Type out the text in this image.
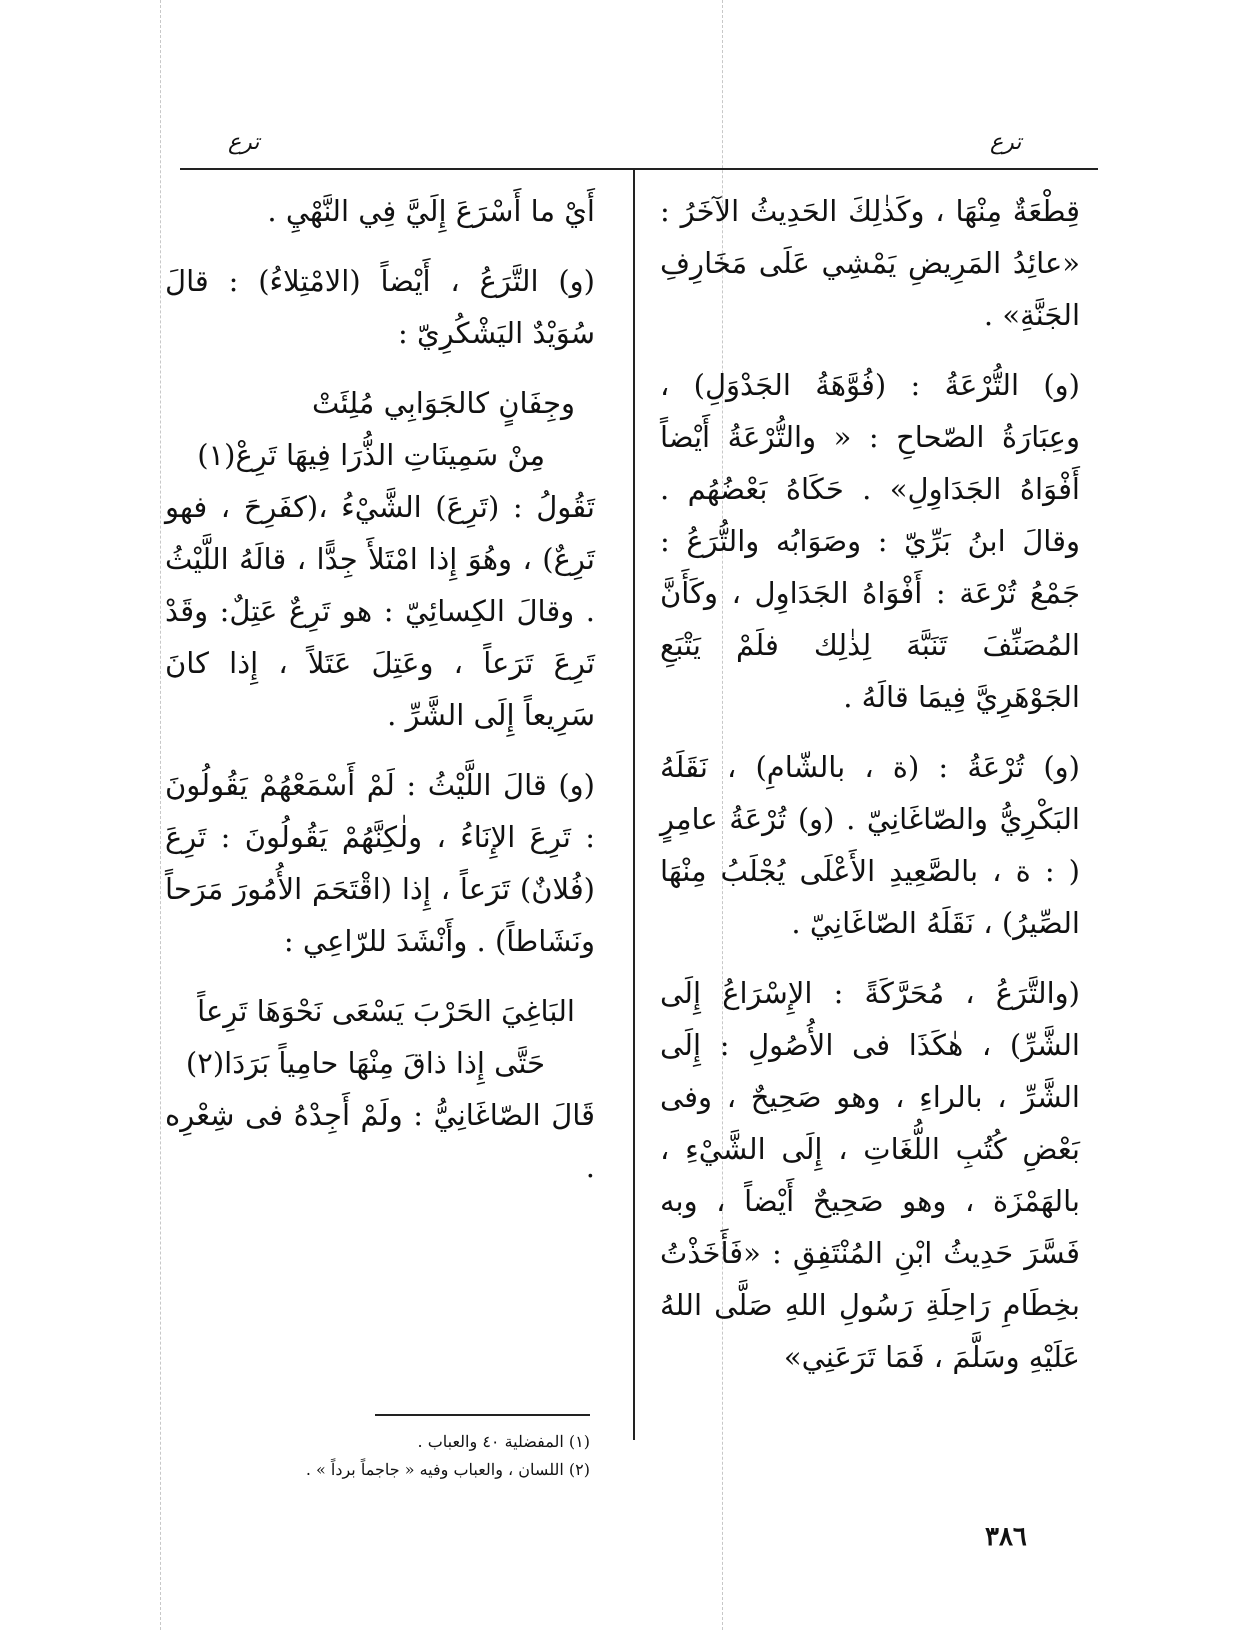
ترع	ترع

قِطْعَةٌ مِنْهَا ، وكَذٰلِكَ الحَدِيثُ الآخَرُ : «عائِدُ المَرِيضِ يَمْشِي عَلَى مَخَارِفِ الجَنَّةِ» .

(و) التُّرْعَةُ : (فُوَّهَةُ الجَدْوَلِ) ، وعِبَارَةُ الصّحاحِ : « والتُّرْعَةُ أَيْضاً أَفْوَاهُ الجَدَاوِلِ» . حَكَاهُ بَعْضُهُم . وقالَ ابنُ بَرِّيّ : وصَوَابُه والتُّرَعُ : جَمْعُ تُرْعَة : أَفْوَاهُ الجَدَاوِل ، وكَأَنَّ المُصَنِّفَ تَنَبَّهَ لِذٰلِك فلَمْ يَتْبَعِ الجَوْهَرِيَّ فِيمَا قالَهُ .

(و) تُرْعَةُ : (ة ، بالشّامِ) ، نَقَلَهُ البَكْرِيُّ والصّاغَانِيّ . (و) تُرْعَةُ عامِرٍ ( : ة ، بالصَّعِيدِ الأَعْلَى يُجْلَبُ مِنْهَا الصِّيرُ) ، نَقَلَهُ الصّاغَانِيّ .

(والتَّرَعُ ، مُحَرَّكَةً : الإِسْرَاعُ إِلَى الشَّرِّ) ، هٰكَذَا فى الأُصُولِ : إِلَى الشَّرِّ ، بالراءِ ، وهو صَحِيحٌ ، وفى بَعْضِ كُتُبِ اللُّغَاتِ ، إِلَى الشَّيْءِ ، بالهَمْزَة ، وهو صَحِيحٌ أَيْضاً ، وبه فَسَّرَ حَدِيثُ ابْنِ المُنْتَفِقِ : «فَأَخَذْتُ بخِطَامِ رَاحِلَةِ رَسُولِ اللهِ صَلَّى اللهُ عَلَيْهِ وسَلَّمَ ، فَمَا تَرَعَنِي»

أَيْ ما أَسْرَعَ إِلَيَّ فِي النَّهْيِ .

(و) التَّرَعُ ، أَيْضاً (الامْتِلاءُ) : قالَ سُوَيْدٌ اليَشْكُرِيّ :

وجِفَانٍ كالجَوَابِي مُلِئَتْ
مِنْ سَمِينَاتِ الذُّرَا فِيهَا تَرِعْ(١)

تَقُولُ : (تَرِعَ) الشَّيْءُ ،(كفَرِحَ ، فهو تَرِعٌ) ، وهُوَ إِذا امْتَلأَ جِدًّا ، قالَهُ اللَّيْثُ . وقالَ الكِسائِيّ : هو تَرِعٌ عَتِلٌ: وقَدْ تَرِعَ تَرَعاً ، وعَتِلَ عَتَلاً ، إِذا كانَ سَرِيعاً إِلَى الشَّرِّ .

(و) قالَ اللَّيْثُ : لَمْ أَسْمَعْهُمْ يَقُولُونَ : تَرِعَ الإِنَاءُ ، ولٰكِنَّهُمْ يَقُولُونَ : تَرِعَ (فُلانٌ) تَرَعاً ، إِذا (اقْتَحَمَ الأُمُورَ مَرَحاً ونَشَاطاً) . وأَنْشَدَ للرّاعِي :

البَاغِيَ الحَرْبَ يَسْعَى نَحْوَهَا تَرِعاً
حَتَّى إِذا ذاقَ مِنْهَا حامِياً بَرَدَا(٢)

قَالَ الصّاغَانِيُّ : ولَمْ أَجِدْهُ فى شِعْرِه .

(١) المفضلية ٤٠ والعباب .
(٢) اللسان ، والعباب وفيه « جاجماً برداً » .
٣٨٦
